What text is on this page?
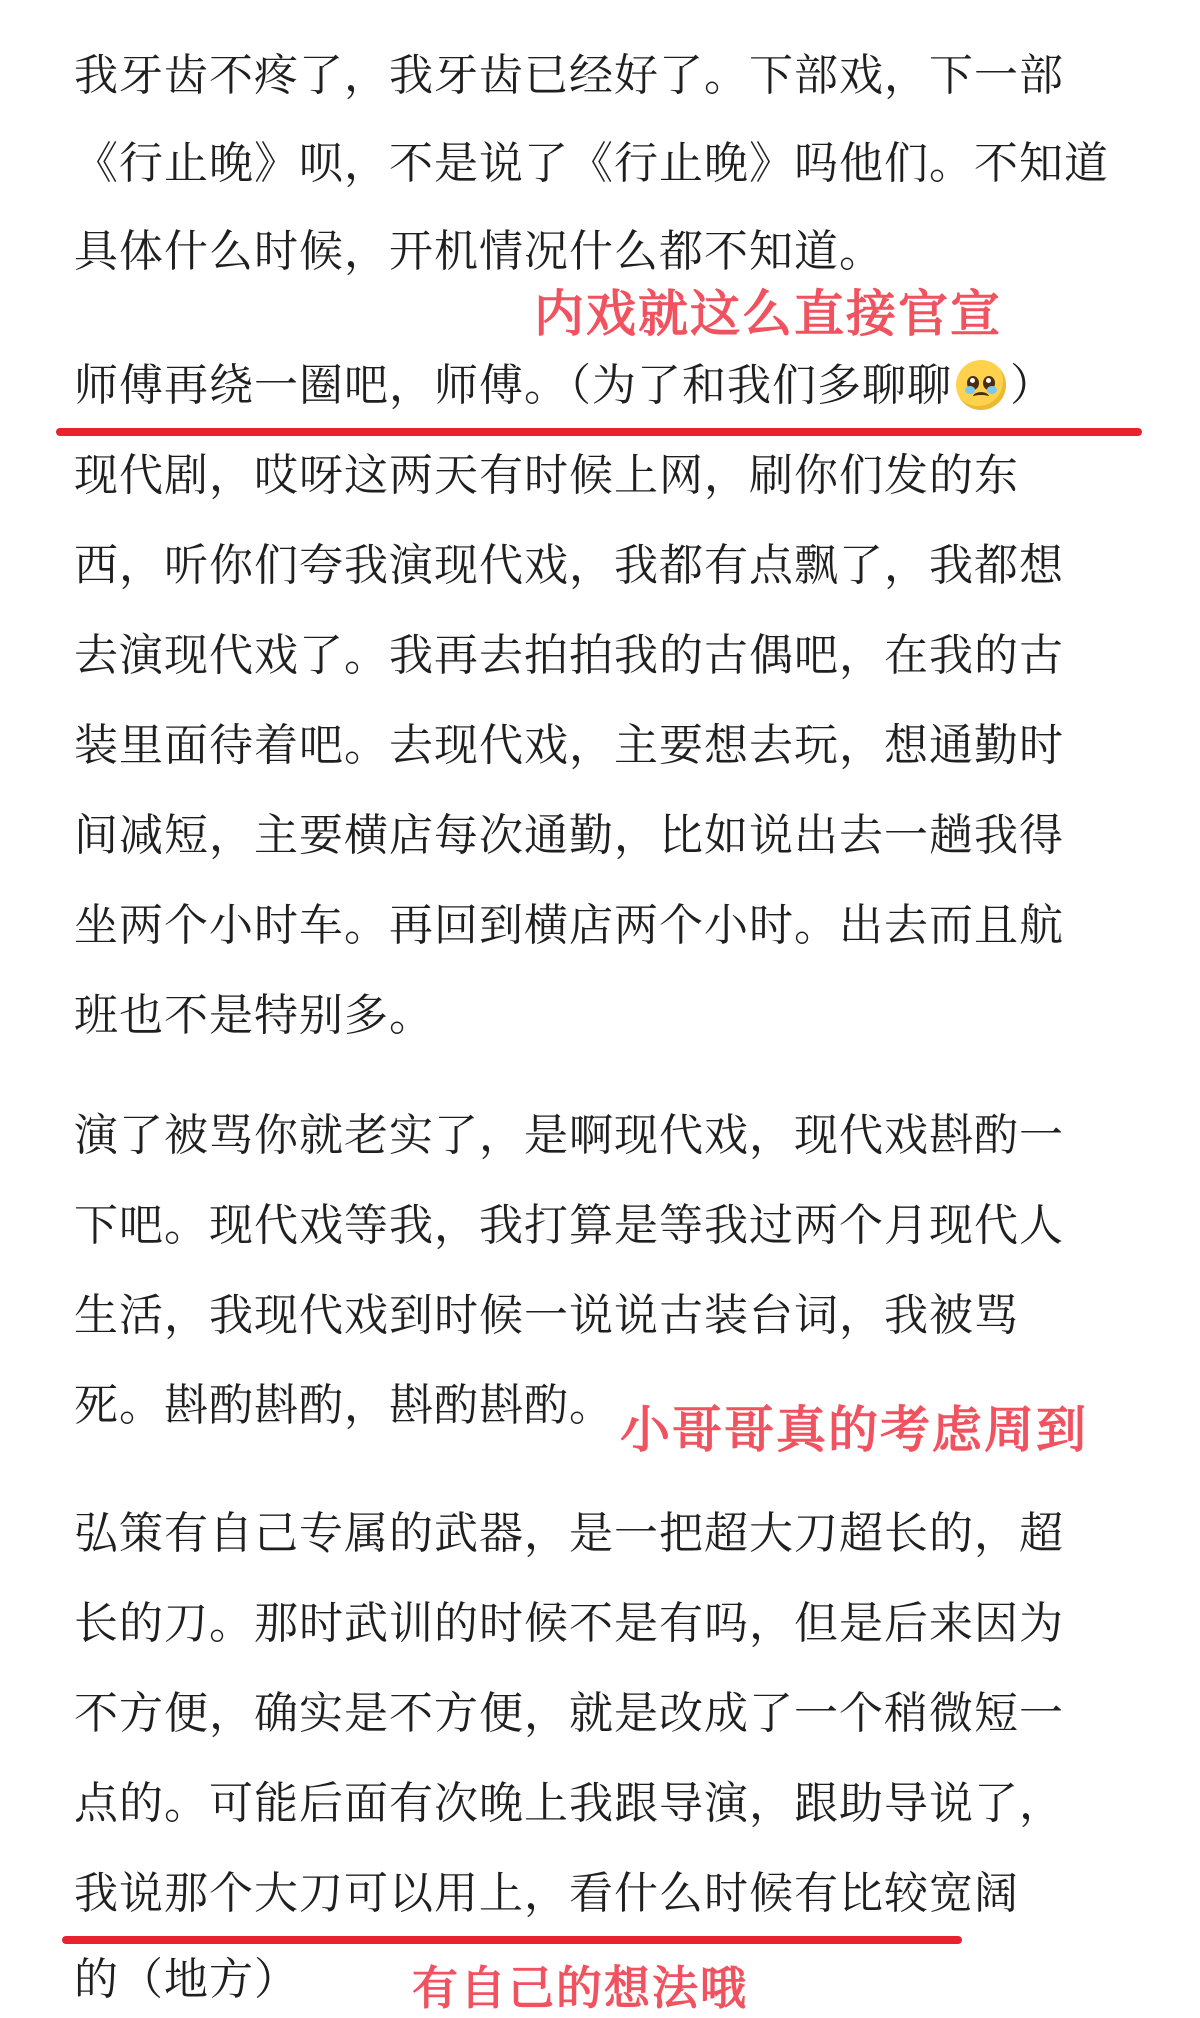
我牙齿不疼了，我牙齿已经好了。下部戏，下一部

《行止晚》呗，不是说了《行止晚》吗他们。不知道

具体什么时候，开机情况什么都不知道。

师傅再绕一圈吧，师傅。（为了和我们多聊聊 ）

现代剧，哎呀这两天有时候上网，刷你们发的东

西，听你们夸我演现代戏，我都有点飘了，我都想

去演现代戏了。我再去拍拍我的古偶吧，在我的古

装里面待着吧。去现代戏，主要想去玩，想通勤时

间减短，主要横店每次通勤，比如说出去一趟我得

坐两个小时车。再回到横店两个小时。出去而且航

班也不是特别多。

演了被骂你就老实了，是啊现代戏，现代戏斟酌一

下吧。现代戏等我，我打算是等我过两个月现代人

生活，我现代戏到时候一说说古装台词，我被骂

死。斟酌斟酌，斟酌斟酌。

弘策有自己专属的武器，是一把超大刀超长的，超

长的刀。那时武训的时候不是有吗，但是后来因为

不方便，确实是不方便，就是改成了一个稍微短一

点的。可能后面有次晚上我跟导演，跟助导说了，

我说那个大刀可以用上，看什么时候有比较宽阔

的（地方）

内戏就这么直接官宣
小哥哥真的考虑周到
有自己的想法哦
